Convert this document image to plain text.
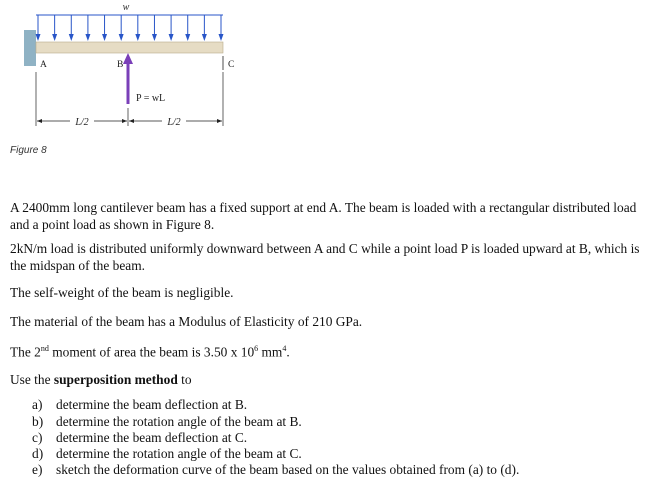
w
A	B	C
P = wL
L/2	L/2
Figure 8

A 2400mm long cantilever beam has a fixed support at end A. The beam is loaded with a rectangular distributed load and a point load as shown in Figure 8.

2kN/m load is distributed uniformly downward between A and C while a point load P is loaded upward at B, which is the midspan of the beam.

The self-weight of the beam is negligible.

The material of the beam has a Modulus of Elasticity of 210 GPa.

The 2nd moment of area the beam is 3.50 x $10^6$ $mm^4$.

Use the superposition method to

a) determine the beam deflection at B.
b) determine the rotation angle of the beam at B.
c) determine the beam deflection at C.
d) determine the rotation angle of the beam at C.
e) sketch the deformation curve of the beam based on the values obtained from (a) to (d).
